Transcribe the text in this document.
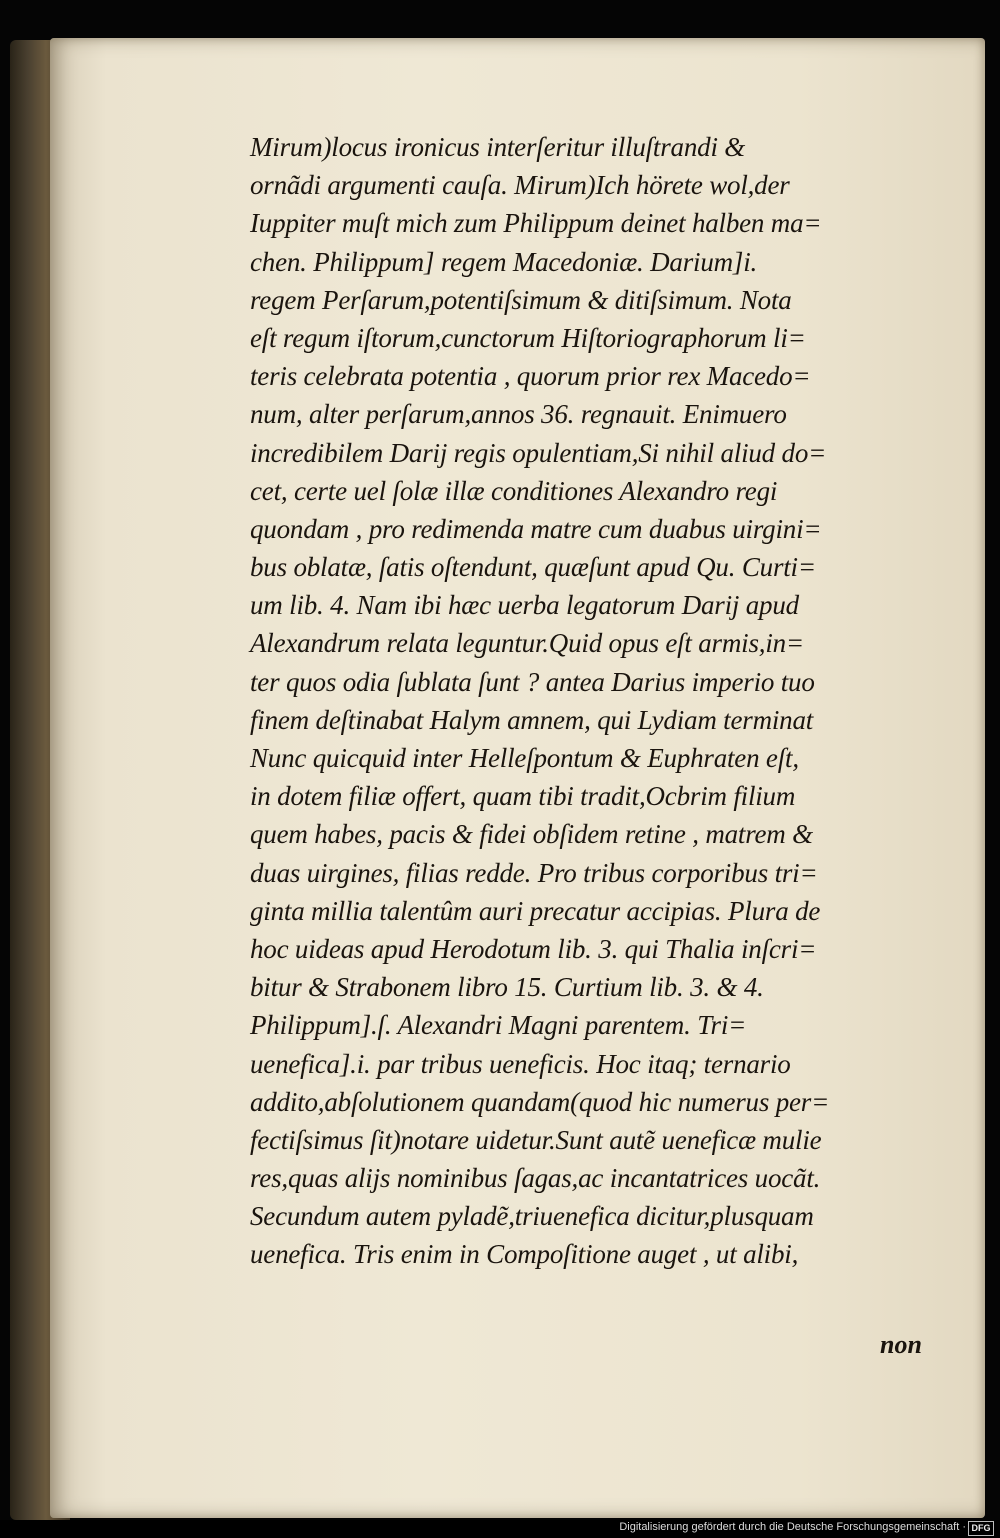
Mirum)locus ironicus interſeritur illuſtrandi &
ornãdi argumenti cauſa. Mirum)Ich hörete wol,der
Iuppiter muſt mich zum Philippum deinet halben ma=
chen. Philippum] regem Macedoniæ. Darium]i.
regem Perſarum,potentiſsimum & ditiſsimum. Nota
eſt regum iſtorum,cunctorum Hiſtoriographorum li=
teris celebrata potentia , quorum prior rex Macedo=
num, alter perſarum,annos 36. regnauit. Enimuero
incredibilem Darij regis opulentiam,Si nihil aliud do=
cet, certe uel ſolæ illæ conditiones Alexandro regi
quondam , pro redimenda matre cum duabus uirgini=
bus oblatæ, ſatis oſtendunt, quæſunt apud Qu. Curti=
um lib. 4. Nam ibi hæc uerba legatorum Darij apud
Alexandrum relata leguntur.Quid opus eſt armis,in=
ter quos odia ſublata ſunt ? antea Darius imperio tuo
finem deſtinabat Halym amnem, qui Lydiam terminat
Nunc quicquid inter Helleſpontum & Euphraten eſt,
in dotem filiæ offert, quam tibi tradit,Ocbrim filium
quem habes, pacis & fidei obſidem retine , matrem &
duas uirgines, filias redde. Pro tribus corporibus tri=
ginta millia talentûm auri precatur accipias. Plura de
hoc uideas apud Herodotum lib. 3. qui Thalia inſcri=
bitur & Strabonem libro 15. Curtium lib. 3. & 4.
Philippum].ſ. Alexandri Magni parentem. Tri=
uenefica].i. par tribus ueneficis. Hoc itaq; ternario
addito,abſolutionem quandam(quod hic numerus per=
fectiſsimus ſit)notare uidetur.Sunt autẽ ueneficæ mulie
res,quas alijs nominibus ſagas,ac incantatrices uocãt.
Secundum autem pyladẽ,triuenefica dicitur,plusquam
uenefica. Tris enim in Compoſitione auget , ut alibi,
non
Digitalisierung gefördert durch die Deutsche Forschungsgemeinschaft · DFG
